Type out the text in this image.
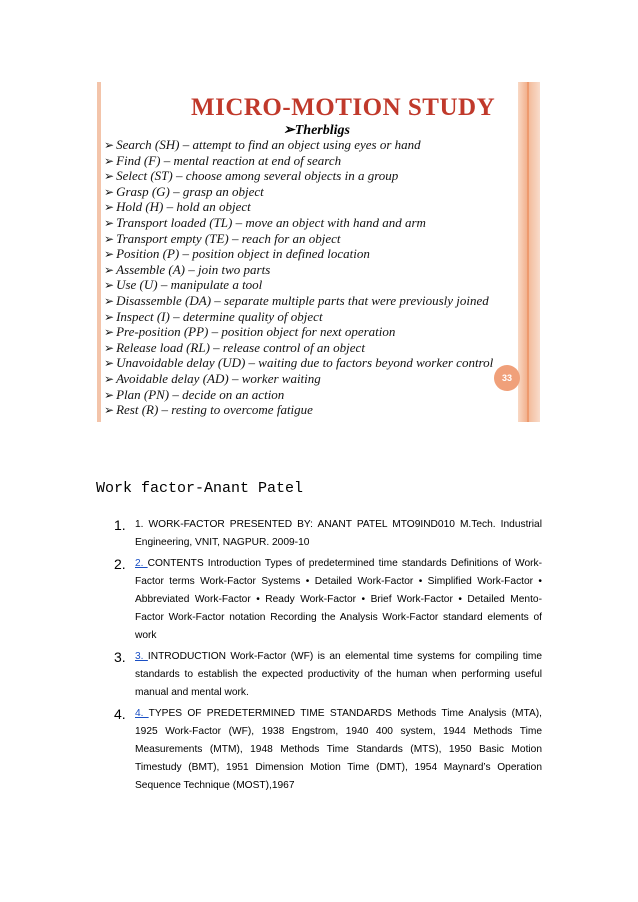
MICRO-MOTION STUDY
➢Therbligs
➢ Search (SH) – attempt to find an object using eyes or hand
➢ Find (F) – mental reaction at end of search
➢ Select (ST) – choose among several objects in a group
➢ Grasp (G) – grasp an object
➢ Hold (H) – hold an object
➢ Transport loaded (TL) – move an object with hand and arm
➢ Transport empty (TE) – reach for an object
➢ Position (P) – position object in defined location
➢ Assemble (A) – join two parts
➢ Use (U) – manipulate a tool
➢ Disassemble (DA) – separate multiple parts that were previously joined
➢ Inspect (I) – determine quality of object
➢ Pre-position (PP) – position object for next operation
➢ Release load (RL) – release control of an object
➢ Unavoidable delay (UD) – waiting due to factors beyond worker control
➢ Avoidable delay (AD) – worker waiting
➢ Plan (PN) – decide on an action
➢ Rest (R) – resting to overcome fatigue
33
Work factor-Anant Patel
1. 1. WORK-FACTOR PRESENTED BY: ANANT PATEL MTO9IND010 M.Tech. Industrial Engineering, VNIT, NAGPUR. 2009-10
2. 2. CONTENTS Introduction Types of predetermined time standards Definitions of Work-Factor terms Work-Factor Systems • Detailed Work-Factor • Simplified Work-Factor • Abbreviated Work-Factor • Ready Work-Factor • Brief Work-Factor • Detailed Mento-Factor Work-Factor notation Recording the Analysis Work-Factor standard elements of work
3. 3. INTRODUCTION Work-Factor (WF) is an elemental time systems for compiling time standards to establish the expected productivity of the human when performing useful manual and mental work.
4. 4. TYPES OF PREDETERMINED TIME STANDARDS Methods Time Analysis (MTA), 1925 Work-Factor (WF), 1938 Engstrom, 1940 400 system, 1944 Methods Time Measurements (MTM), 1948 Methods Time Standards (MTS), 1950 Basic Motion Timestudy (BMT), 1951 Dimension Motion Time (DMT), 1954 Maynard’s Operation Sequence Technique (MOST),1967
